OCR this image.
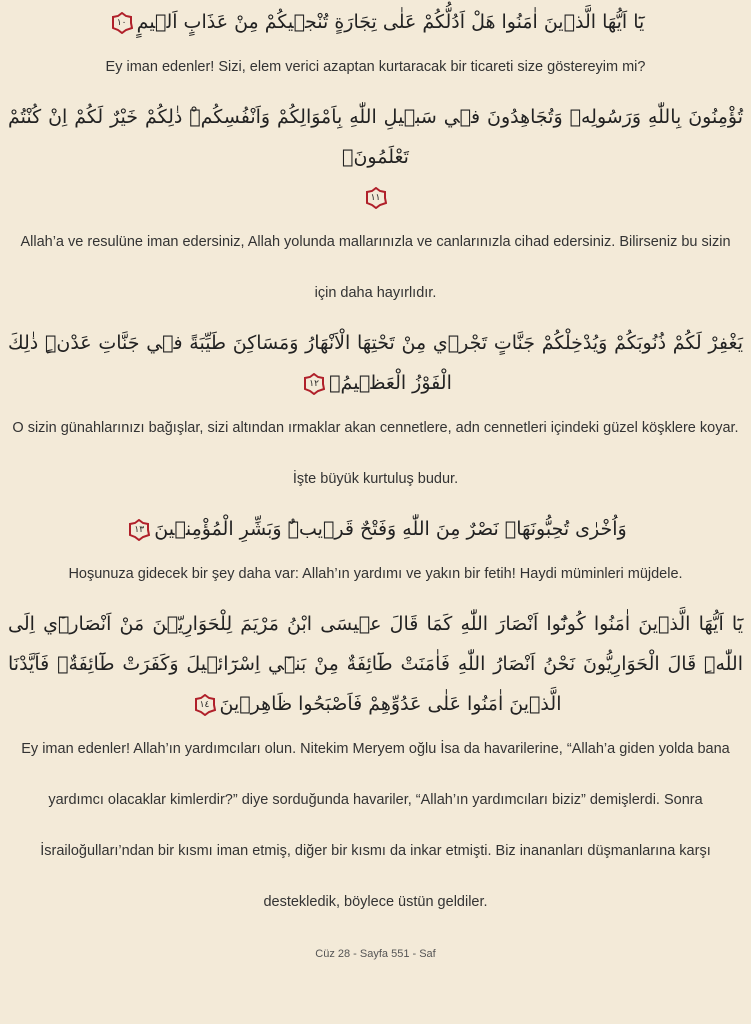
يَٓا اَيُّهَا الَّذ۪ينَ اٰمَنُوا هَلْ اَدُلُّكُمْ عَلٰى تِجَارَةٍ تُنْج۪يكُمْ مِنْ عَذَابٍ اَل۪يمٍ
١٠
Ey iman edenler! Sizi, elem verici azaptan kurtaracak bir ticareti size göstereyim mi?
تُؤْمِنُونَ بِاللّٰهِ وَرَسُولِه۪ وَتُجَاهِدُونَ ف۪ي سَب۪يلِ اللّٰهِ بِاَمْوَالِكُمْ وَاَنْفُسِكُمْۜ ذٰلِكُمْ خَيْرٌ لَكُمْ اِنْ كُنْتُمْ تَعْلَمُونَۙ
١١
Allah’a ve resulüne iman edersiniz, Allah yolunda mallarınızla ve canlarınızla cihad edersiniz. Bilirseniz bu sizin için daha hayırlıdır.
يَغْفِرْ لَكُمْ ذُنُوبَكُمْ وَيُدْخِلْكُمْ جَنَّاتٍ تَجْر۪ي مِنْ تَحْتِهَا الْاَنْهَارُ وَمَسَاكِنَ طَيِّبَةً ف۪ي جَنَّاتِ عَدْنٍۜ ذٰلِكَ الْفَوْزُ الْعَظ۪يمُۙ
١٢
O sizin günahlarınızı bağışlar, sizi altından ırmaklar akan cennetlere, adn cennetleri içindeki güzel köşklere koyar. İşte büyük kurtuluş budur.
وَاُخْرٰى تُحِبُّونَهَاۜ نَصْرٌ مِنَ اللّٰهِ وَفَتْحٌ قَر۪يبٌۜ وَبَشِّرِ الْمُؤْمِن۪ينَ
١٣
Hoşunuza gidecek bir şey daha var: Allah’ın yardımı ve yakın bir fetih! Haydi müminleri müjdele.
يَٓا اَيُّهَا الَّذ۪ينَ اٰمَنُوا كُونُٓوا اَنْصَارَ اللّٰهِ كَمَا قَالَ ع۪يسَى ابْنُ مَرْيَمَ لِلْحَوَارِيّ۪نَ مَنْ اَنْصَار۪ٓي اِلَى اللّٰهِۜ قَالَ الْحَوَارِيُّونَ نَحْنُ اَنْصَارُ اللّٰهِ فَاٰمَنَتْ طَٓائِفَةٌ مِنْ بَن۪ٓي اِسْرَٓائ۪يلَ وَكَفَرَتْ طَٓائِفَةٌۚ فَاَيَّدْنَا الَّذ۪ينَ اٰمَنُوا عَلٰى عَدُوِّهِمْ فَاَصْبَحُوا ظَاهِر۪ينَ
١٤
Ey iman edenler! Allah’ın yardımcıları olun. Nitekim Meryem oğlu İsa da havarilerine, “Allah’a giden yolda bana yardımcı olacaklar kimlerdir?” diye sorduğunda havariler, “Allah’ın yardımcıları biziz” demişlerdi. Sonra İsrailoğulları’ndan bir kısmı iman etmiş, diğer bir kısmı da inkar etmişti. Biz inananları düşmanlarına karşı destekledik, böylece üstün geldiler.
Cüz 28 - Sayfa 551 - Saf
